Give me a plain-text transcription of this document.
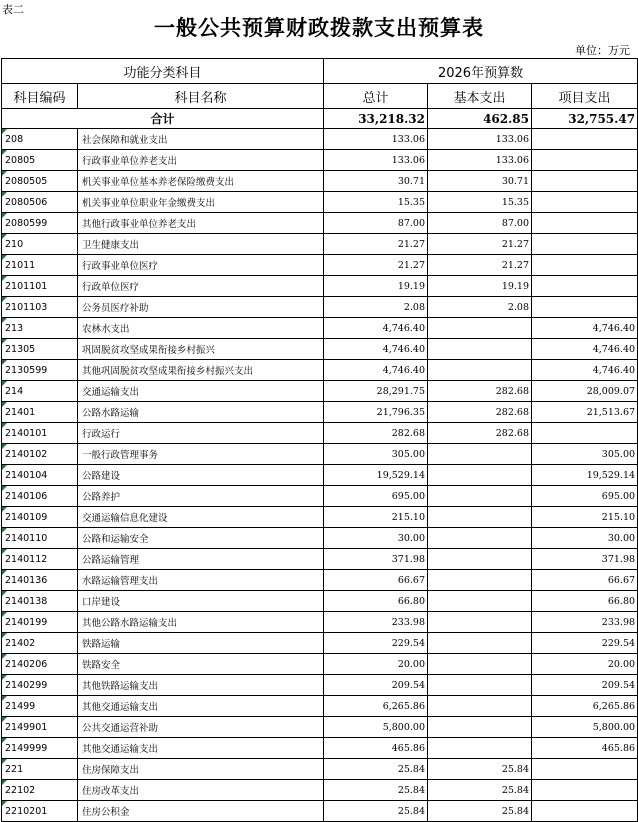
表二
一般公共预算财政拨款支出预算表
单位：万元
功能分类科目		2026年预算数		
科目编码	科目名称	总计	基本支出	项目支出
合计		33,218.32	462.85	32,755.47
208	社会保障和就业支出	133.06	133.06	
20805	行政事业单位养老支出	133.06	133.06	
2080505	机关事业单位基本养老保险缴费支出	30.71	30.71	
2080506	机关事业单位职业年金缴费支出	15.35	15.35	
2080599	其他行政事业单位养老支出	87.00	87.00	
210	卫生健康支出	21.27	21.27	
21011	行政事业单位医疗	21.27	21.27	
2101101	行政单位医疗	19.19	19.19	
2101103	公务员医疗补助	2.08	2.08	
213	农林水支出	4,746.40		4,746.40
21305	巩固脱贫攻坚成果衔接乡村振兴	4,746.40		4,746.40
2130599	其他巩固脱贫攻坚成果衔接乡村振兴支出	4,746.40		4,746.40
214	交通运输支出	28,291.75	282.68	28,009.07
21401	公路水路运输	21,796.35	282.68	21,513.67
2140101	行政运行	282.68	282.68	
2140102	一般行政管理事务	305.00		305.00
2140104	公路建设	19,529.14		19,529.14
2140106	公路养护	695.00		695.00
2140109	交通运输信息化建设	215.10		215.10
2140110	公路和运输安全	30.00		30.00
2140112	公路运输管理	371.98		371.98
2140136	水路运输管理支出	66.67		66.67
2140138	口岸建设	66.80		66.80
2140199	其他公路水路运输支出	233.98		233.98
21402	铁路运输	229.54		229.54
2140206	铁路安全	20.00		20.00
2140299	其他铁路运输支出	209.54		209.54
21499	其他交通运输支出	6,265.86		6,265.86
2149901	公共交通运营补助	5,800.00		5,800.00
2149999	其他交通运输支出	465.86		465.86
221	住房保障支出	25.84	25.84	
22102	住房改革支出	25.84	25.84	
2210201	住房公积金	25.84	25.84	
